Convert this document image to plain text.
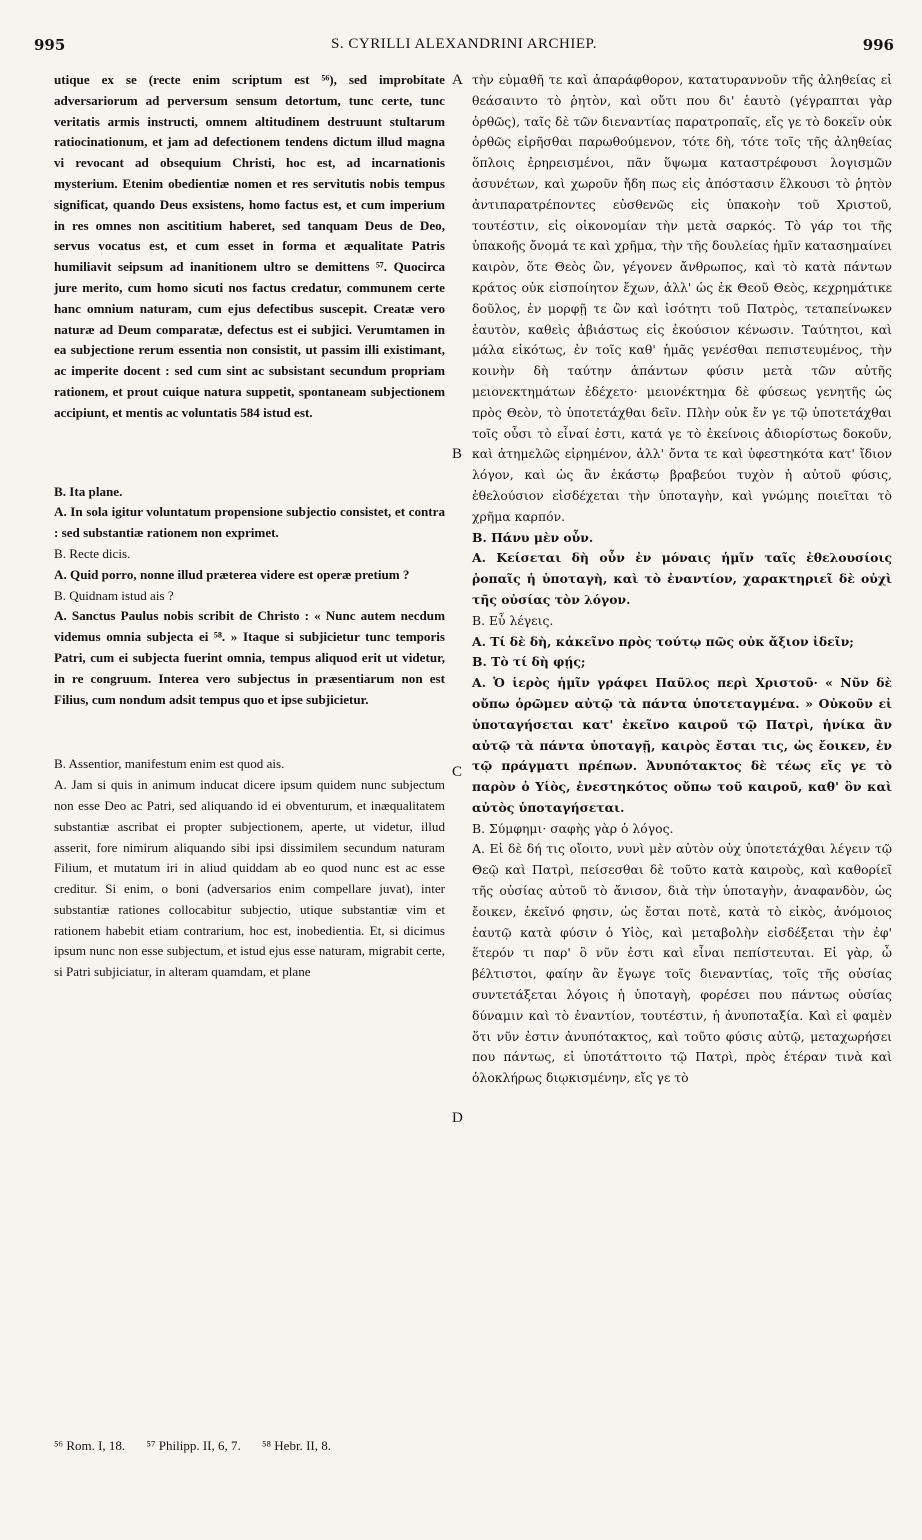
995	S. CYRILLI ALEXANDRINI ARCHIEP.	996

utique ex se (recte enim scriptum est ⁵⁶), sed improbitate adversariorum ad perversum sensum detortum, tunc certe, tunc veritatis armis instructi, omnem altitudinem destruunt stultarum ratiocinationum, et jam ad defectionem tendens dictum illud magna vi revocant ad obsequium Christi, hoc est, ad incarnationis mysterium. Etenim obedientiæ nomen et res servitutis nobis tempus significat, quando Deus exsistens, homo factus est, et cum imperium in res omnes non ascititium haberet, sed tanquam Deus de Deo, servus vocatus est, et cum esset in forma et æqualitate Patris humiliavit seipsum ad inanitionem ultro se demittens ⁵⁷. Quocirca jure merito, cum homo sicuti nos factus credatur, communem certe hanc omnium naturam, cum ejus defectibus suscepit. Creatæ vero naturæ ad Deum comparatæ, defectus est ei subjici. Verumtamen in ea subjectione rerum essentia non consistit, ut passim illi existimant, ac imperite docent : sed cum sint ac subsistant secundum propriam rationem, et prout cuique natura suppetit, spontaneam subjectionem accipiunt, et mentis ac voluntatis 584 istud est.

B. Ita plane.

A. In sola igitur voluntatum propensione subjectio consistet, et contra : sed substantiæ rationem non exprimet.

B. Recte dicis.

A. Quid porro, nonne illud præterea videre est operæ pretium ?

B. Quidnam istud ais ?

A. Sanctus Paulus nobis scribit de Christo : « Nunc autem necdum videmus omnia subjecta ei ⁵⁸. » Itaque si subjicietur tunc temporis Patri, cum ei subjecta fuerint omnia, tempus aliquod erit ut videtur, in re congruum. Interea vero subjectus in præsentiarum non est Filius, cum nondum adsit tempus quo et ipse subjicietur.

B. Assentior, manifestum enim est quod ais.

A. Jam si quis in animum inducat dicere ipsum quidem nunc subjectum non esse Deo ac Patri, sed aliquando id ei obventurum, et inæqualitatem substantiæ ascribat ei propter subjectionem, aperte, ut videtur, illud asserit, fore nimirum aliquando sibi ipsi dissimilem secundum naturam Filium, et mutatum iri in aliud quiddam ab eo quod nunc est ac esse creditur. Si enim, o boni (adversarios enim compellare juvat), inter substantiæ rationes collocabitur subjectio, utique substantiæ vim et rationem habebit etiam contrarium, hoc est, inobedientia. Et, si dicimus ipsum nunc non esse subjectum, et istud ejus esse naturam, migrabit certe, si Patri subjiciatur, in alteram quamdam, et plane

A
B
C
D

τὴν εὐμαθῆ τε καὶ ἀπαράφθορον, κατατυραννοῦν τῆς ἀληθείας εἰ θεάσαιντο τὸ ῥητὸν, καὶ οὔτι που δι' ἑαυτὸ (γέγραπται γὰρ ὀρθῶς), ταῖς δὲ τῶν διεναντίας παρατροπαῖς, εἴς γε τὸ δοκεῖν οὐκ ὀρθῶς εἰρῆσθαι παρωθούμενον, τότε δὴ, τότε τοῖς τῆς ἀληθείας ὅπλοις ἐρηρεισμένοι, πᾶν ὕψωμα καταστρέφουσι λογισμῶν ἀσυνέτων, καὶ χωροῦν ἤδη πως εἰς ἀπόστασιν ἕλκουσι τὸ ῥητὸν ἀντιπαρατρέποντες εὐσθενῶς εἰς ὑπακοὴν τοῦ Χριστοῦ, τουτέστιν, εἰς οἰκονομίαν τὴν μετὰ σαρκός. Τὸ γάρ τοι τῆς ὑπακοῆς ὄνομά τε καὶ χρῆμα, τὴν τῆς δουλείας ἡμῖν κατασημαίνει καιρὸν, ὅτε Θεὸς ὢν, γέγονεν ἄνθρωπος, καὶ τὸ κατὰ πάντων κράτος οὐκ εἰσποίητον ἔχων, ἀλλ' ὡς ἐκ Θεοῦ Θεὸς, κεχρημάτικε δοῦλος, ἐν μορφῇ τε ὢν καὶ ἰσότητι τοῦ Πατρὸς, τεταπείνωκεν ἑαυτὸν, καθεὶς ἀβιάστως εἰς ἑκούσιον κένωσιν. Ταύτητοι, καὶ μάλα εἰκότως, ἐν τοῖς καθ' ἡμᾶς γενέσθαι πεπιστευμένος, τὴν κοινὴν δὴ ταύτην ἁπάντων φύσιν μετὰ τῶν αὐτῆς μειονεκτημάτων ἐδέχετο· μειονέκτημα δὲ φύσεως γενητῆς ὡς πρὸς Θεὸν, τὸ ὑποτετάχθαι δεῖν. Πλὴν οὐκ ἔν γε τῷ ὑποτετάχθαι τοῖς οὖσι τὸ εἶναί ἐστι, κατά γε τὸ ἐκείνοις ἀδιορίστως δοκοῦν, καὶ ἀτημελῶς εἰρημένον, ἀλλ' ὄντα τε καὶ ὑφεστηκότα κατ' ἴδιον λόγον, καὶ ὡς ἂν ἑκάστῳ βραβεύοι τυχὸν ἡ αὐτοῦ φύσις, ἐθελούσιον εἰσδέχεται τὴν ὑποταγὴν, καὶ γνώμης ποιεῖται τὸ χρῆμα καρπόν.

Β. Πάνυ μὲν οὖν.

Α. Κείσεται δὴ οὖν ἐν μόναις ἡμῖν ταῖς ἐθελουσίοις ῥοπαῖς ἡ ὑποταγὴ, καὶ τὸ ἐναντίον, χαρακτηριεῖ δὲ οὐχὶ τῆς οὐσίας τὸν λόγον.

Β. Εὖ λέγεις.

Α. Τί δὲ δὴ, κἀκεῖνο πρὸς τούτῳ πῶς οὐκ ἄξιον ἰδεῖν;

Β. Τὸ τί δὴ φῄς;

Α. Ὁ ἱερὸς ἡμῖν γράφει Παῦλος περὶ Χριστοῦ· « Νῦν δὲ οὔπω ὁρῶμεν αὐτῷ τὰ πάντα ὑποτεταγμένα. » Οὐκοῦν εἰ ὑποταγήσεται κατ' ἐκεῖνο καιροῦ τῷ Πατρὶ, ἡνίκα ἂν αὐτῷ τὰ πάντα ὑποταγῇ, καιρὸς ἔσται τις, ὡς ἔοικεν, ἐν τῷ πράγματι πρέπων. Ἀνυπότακτος δὲ τέως εἴς γε τὸ παρὸν ὁ Υἱὸς, ἐνεστηκότος οὔπω τοῦ καιροῦ, καθ' ὃν καὶ αὐτὸς ὑποταγήσεται.

Β. Σύμφημι· σαφὴς γὰρ ὁ λόγος.

Α. Εἰ δὲ δή τις οἴοιτο, νυνὶ μὲν αὐτὸν οὐχ ὑποτετάχθαι λέγειν τῷ Θεῷ καὶ Πατρὶ, πείσεσθαι δὲ τοῦτο κατὰ καιροὺς, καὶ καθορίεῖ τῆς οὐσίας αὐτοῦ τὸ ἄνισον, διὰ τὴν ὑποταγὴν, ἀναφανδὸν, ὡς ἔοικεν, ἐκεῖνό φησιν, ὡς ἔσται ποτὲ, κατὰ τὸ εἰκὸς, ἀνόμοιος ἑαυτῷ κατὰ φύσιν ὁ Υἱὸς, καὶ μεταβολὴν εἰσδέξεται τὴν ἐφ' ἕτερόν τι παρ' ὃ νῦν ἐστι καὶ εἶναι πεπίστευται. Εἰ γὰρ, ὦ βέλτιστοι, φαίην ἂν ἔγωγε τοῖς διεναντίας, τοῖς τῆς οὐσίας συντετάξεται λόγοις ἡ ὑποταγὴ, φορέσει που πάντως οὐσίας δύναμιν καὶ τὸ ἐναντίον, τουτέστιν, ἡ ἀνυποταξία. Καὶ εἰ φαμὲν ὅτι νῦν ἐστιν ἀνυπότακτος, καὶ τοῦτο φύσις αὐτῷ, μεταχωρήσει που πάντως, εἰ ὑποτάττοιτο τῷ Πατρὶ, πρὸς ἑτέραν τινὰ καὶ ὁλοκλήρως διῳκισμένην, εἴς γε τὸ

⁵⁶ Rom. I, 18. ⁵⁷ Philipp. II, 6, 7. ⁵⁸ Hebr. II, 8.
